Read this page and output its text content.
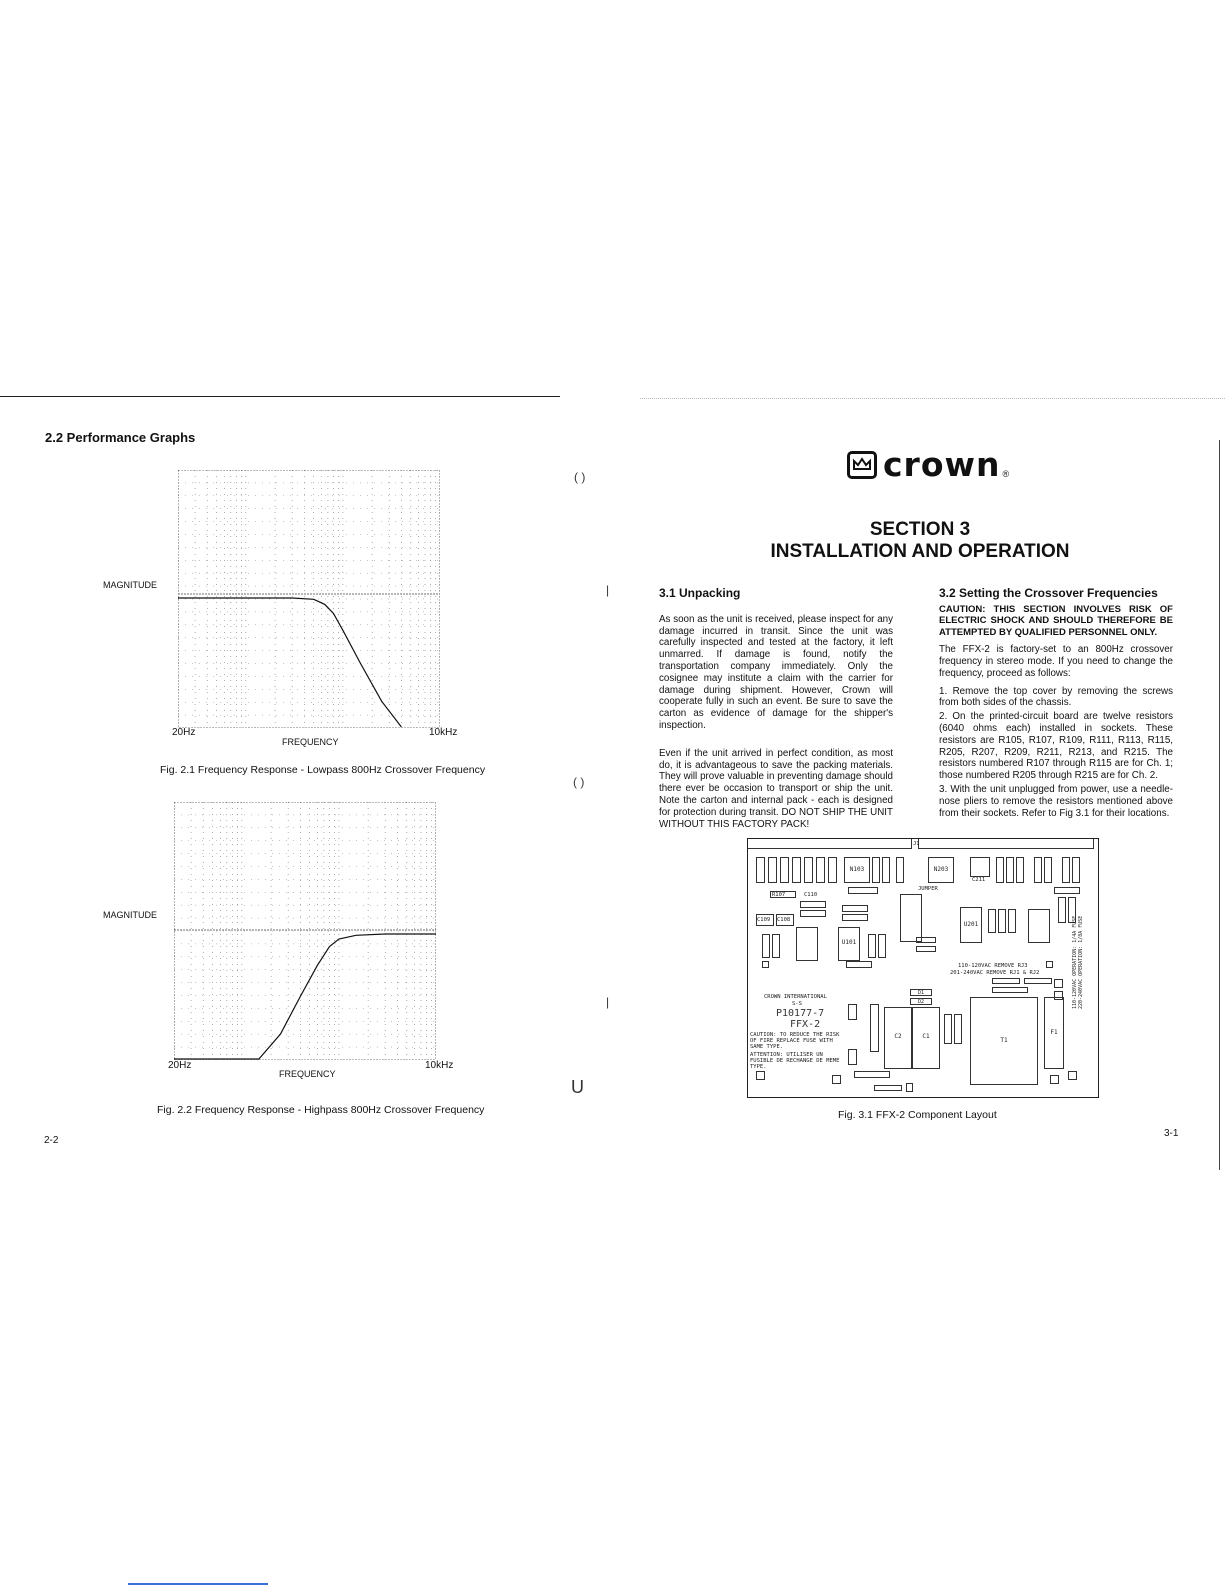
2.2 Performance Graphs
MAGNITUDE
20Hz	10kHz
FREQUENCY
Fig. 2.1 Frequency Response - Lowpass 800Hz Crossover Frequency
MAGNITUDE
20Hz	10kHz
FREQUENCY
Fig. 2.2 Frequency Response - Highpass 800Hz Crossover Frequency
2-2
( )
( )
|
|
U
crown ®
SECTION 3
INSTALLATION AND OPERATION
3.1 Unpacking

As soon as the unit is received, please inspect for any damage incurred in transit. Since the unit was carefully inspected and tested at the factory, it left unmarred. If damage is found, notify the transportation company immediately. Only the cosignee may institute a claim with the carrier for damage during shipment. However, Crown will cooperate fully in such an event. Be sure to save the carton as evidence of damage for the shipper's inspection.

Even if the unit arrived in perfect condition, as most do, it is advantageous to save the packing materials. They will prove valuable in preventing damage should there ever be occasion to transport or ship the unit. Note the carton and internal pack - each is designed for protection during transit. DO NOT SHIP THE UNIT WITHOUT THIS FACTORY PACK!

3.2 Setting the Crossover Frequencies

CAUTION: THIS SECTION INVOLVES RISK OF ELECTRIC SHOCK AND SHOULD THEREFORE BE ATTEMPTED BY QUALIFIED PERSONNEL ONLY.

The FFX-2 is factory-set to an 800Hz crossover frequency in stereo mode. If you need to change the frequency, proceed as follows:

1. Remove the top cover by removing the screws from both sides of the chassis.

2. On the printed-circuit board are twelve resistors (6040 ohms each) installed in sockets. These resistors are R105, R107, R109, R111, R113, R115, R205, R207, R209, R211, R213, and R215. The resistors numbered R107 through R115 are for Ch. 1; those numbered R205 through R215 are for Ch. 2.

3. With the unit unplugged from power, use a needle-nose pliers to remove the resistors mentioned above from their sockets. Refer to Fig 3.1 for their locations.

J1
N103	N203
JUMPER
C211
R107	C110
C109 C108
U101
U201
110-120VAC REMOVE RJ3
201-240VAC REMOVE RJ1 & RJ2	110-120VAC OPERATION: 1/4A FUSE 220-240VAC OPERATION: 1/8A FUSE
D1
D2
C2	C1
T1
F1
CROWN INTERNATIONAL
S-S
P10177-7
FFX-2
CAUTION: TO REDUCE THE RISK OF FIRE REPLACE FUSE WITH SAME TYPE.
ATTENTION: UTILISER UN FUSIBLE DE RECHANGE DE MEME TYPE.
Fig. 3.1 FFX-2 Component Layout
3-1
